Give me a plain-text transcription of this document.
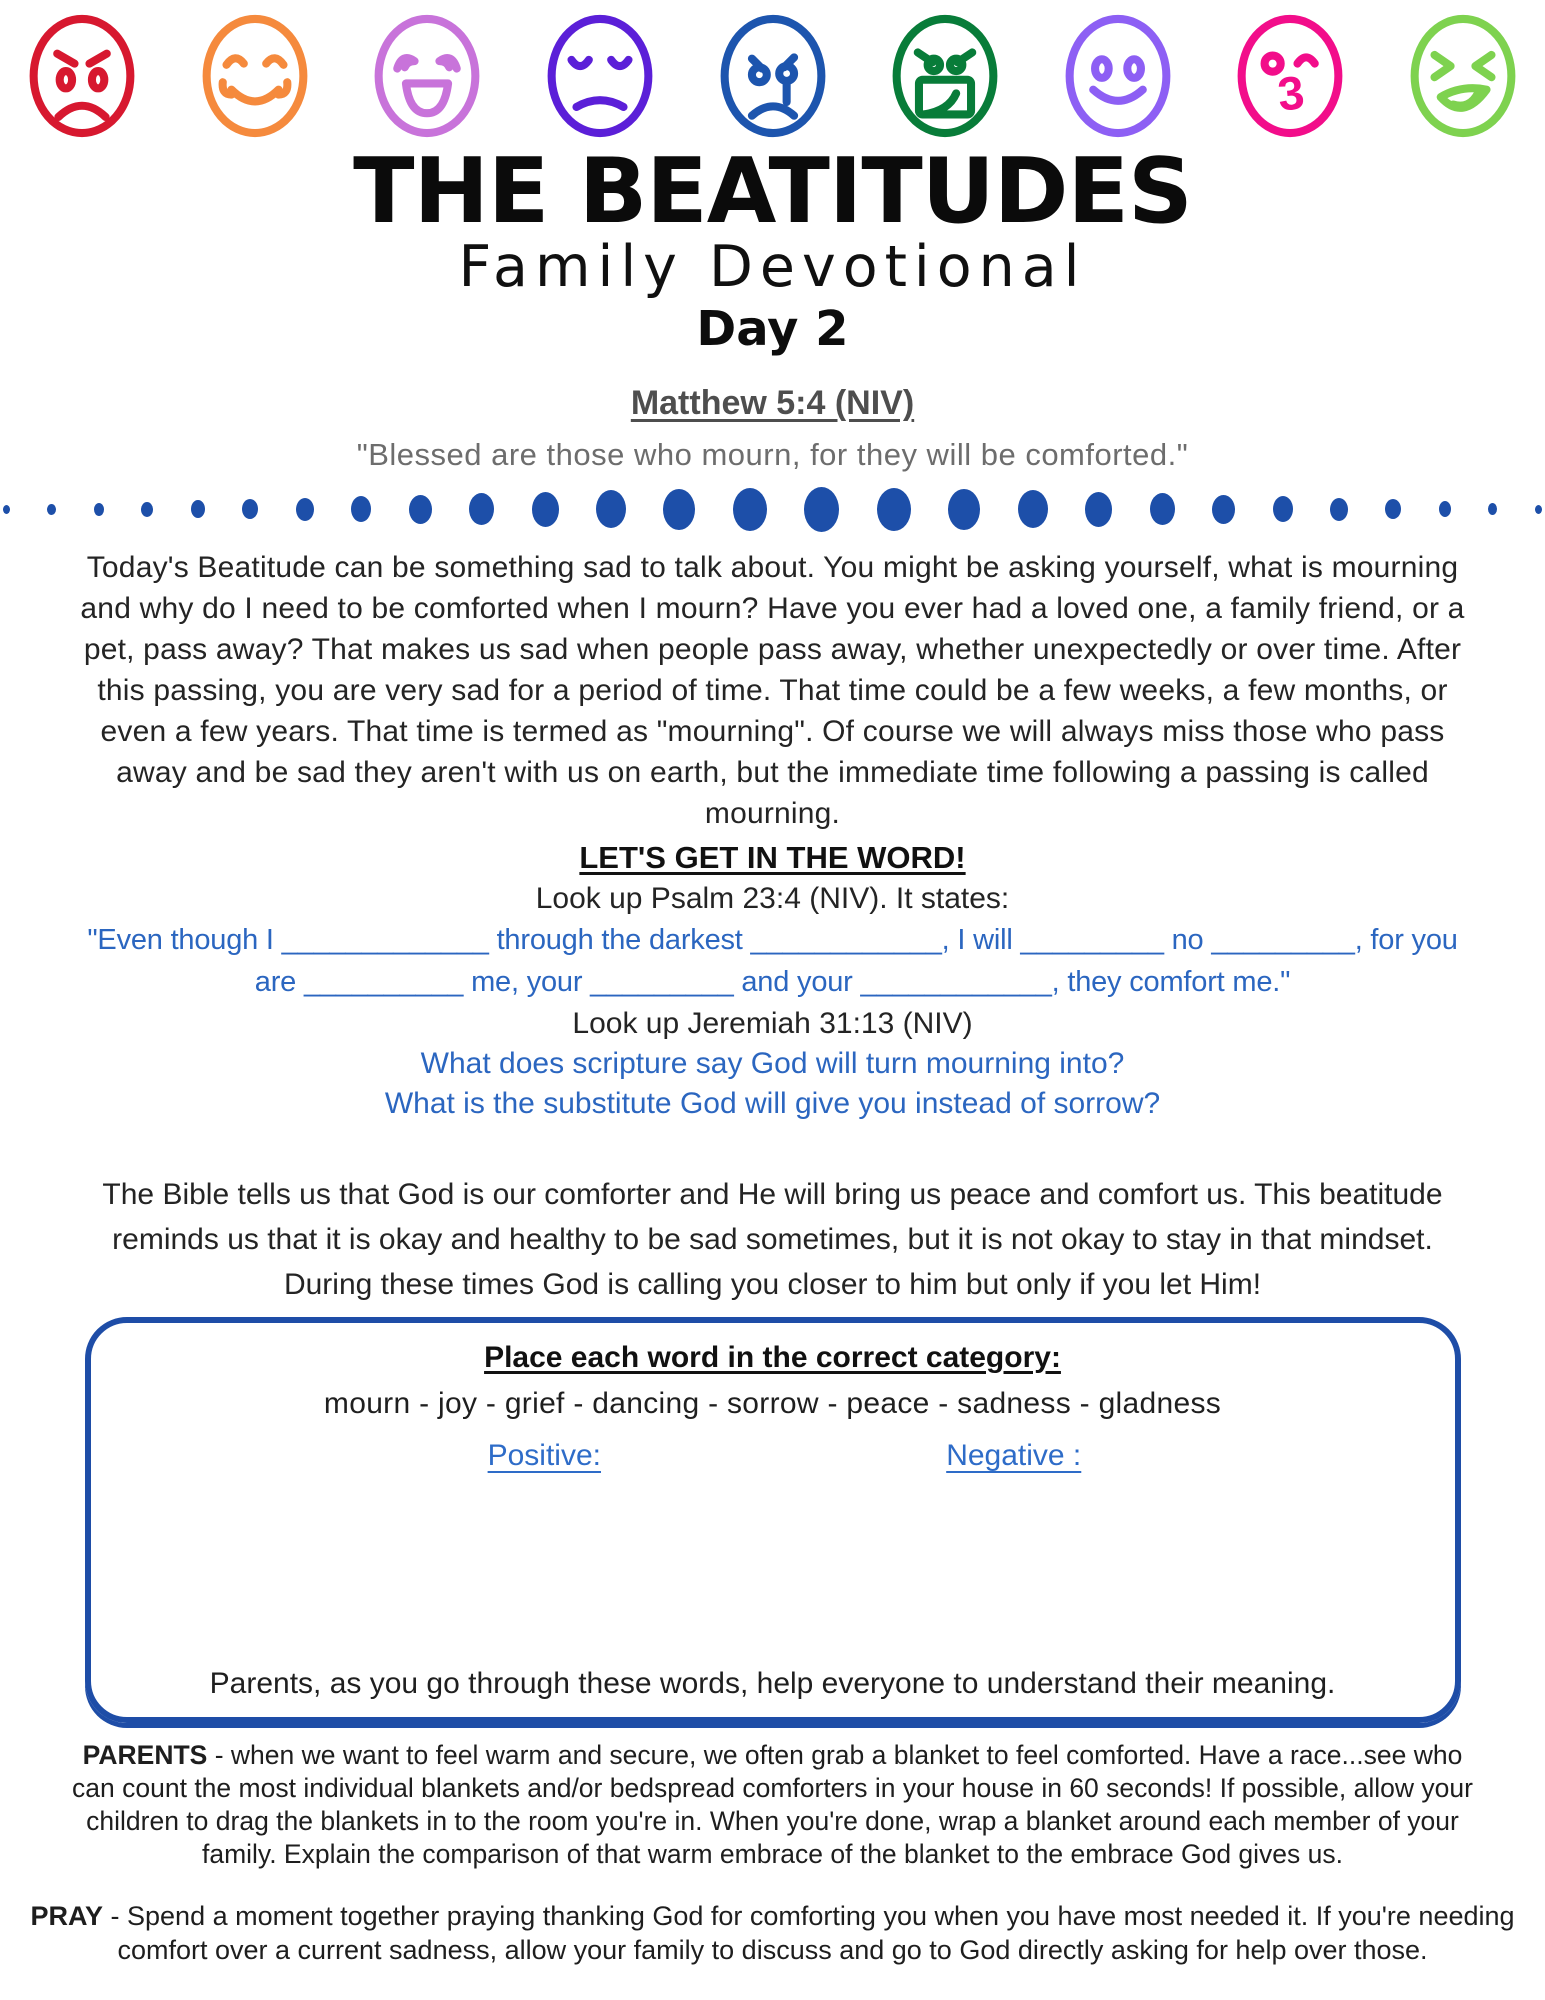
3
THE BEATITUDES
Family Devotional
Day 2
Matthew 5:4 (NIV)
"Blessed are those who mourn, for they will be comforted."

Today's Beatitude can be something sad to talk about. You might be asking yourself, what is mourning and why do I need to be comforted when I mourn? Have you ever had a loved one, a family friend, or a pet, pass away? That makes us sad when people pass away, whether unexpectedly or over time. After this passing, you are very sad for a period of time. That time could be a few weeks, a few months, or even a few years. That time is termed as "mourning". Of course we will always miss those who pass away and be sad they aren't with us on earth, but the immediate time following a passing is called mourning.

LET'S GET IN THE WORD!
Look up Psalm 23:4 (NIV). It states:
"Even though I _____________ through the darkest ____________, I will _________ no _________, for you
are __________ me, your _________ and your ____________, they comfort me."
Look up Jeremiah 31:13 (NIV)
What does scripture say God will turn mourning into?
What is the substitute God will give you instead of sorrow?

The Bible tells us that God is our comforter and He will bring us peace and comfort us. This beatitude reminds us that it is okay and healthy to be sad sometimes, but it is not okay to stay in that mindset. During these times God is calling you closer to him but only if you let Him!

Place each word in the correct category:
mourn - joy - grief - dancing - sorrow - peace - sadness - gladness
Positive:	Negative :
Parents, as you go through these words, help everyone to understand their meaning.

PARENTS - when we want to feel warm and secure, we often grab a blanket to feel comforted. Have a race...see who can count the most individual blankets and/or bedspread comforters in your house in 60 seconds! If possible, allow your children to drag the blankets in to the room you're in. When you're done, wrap a blanket around each member of your family. Explain the comparison of that warm embrace of the blanket to the embrace God gives us.

PRAY - Spend a moment together praying thanking God for comforting you when you have most needed it. If you're needing comfort over a current sadness, allow your family to discuss and go to God directly asking for help over those.
